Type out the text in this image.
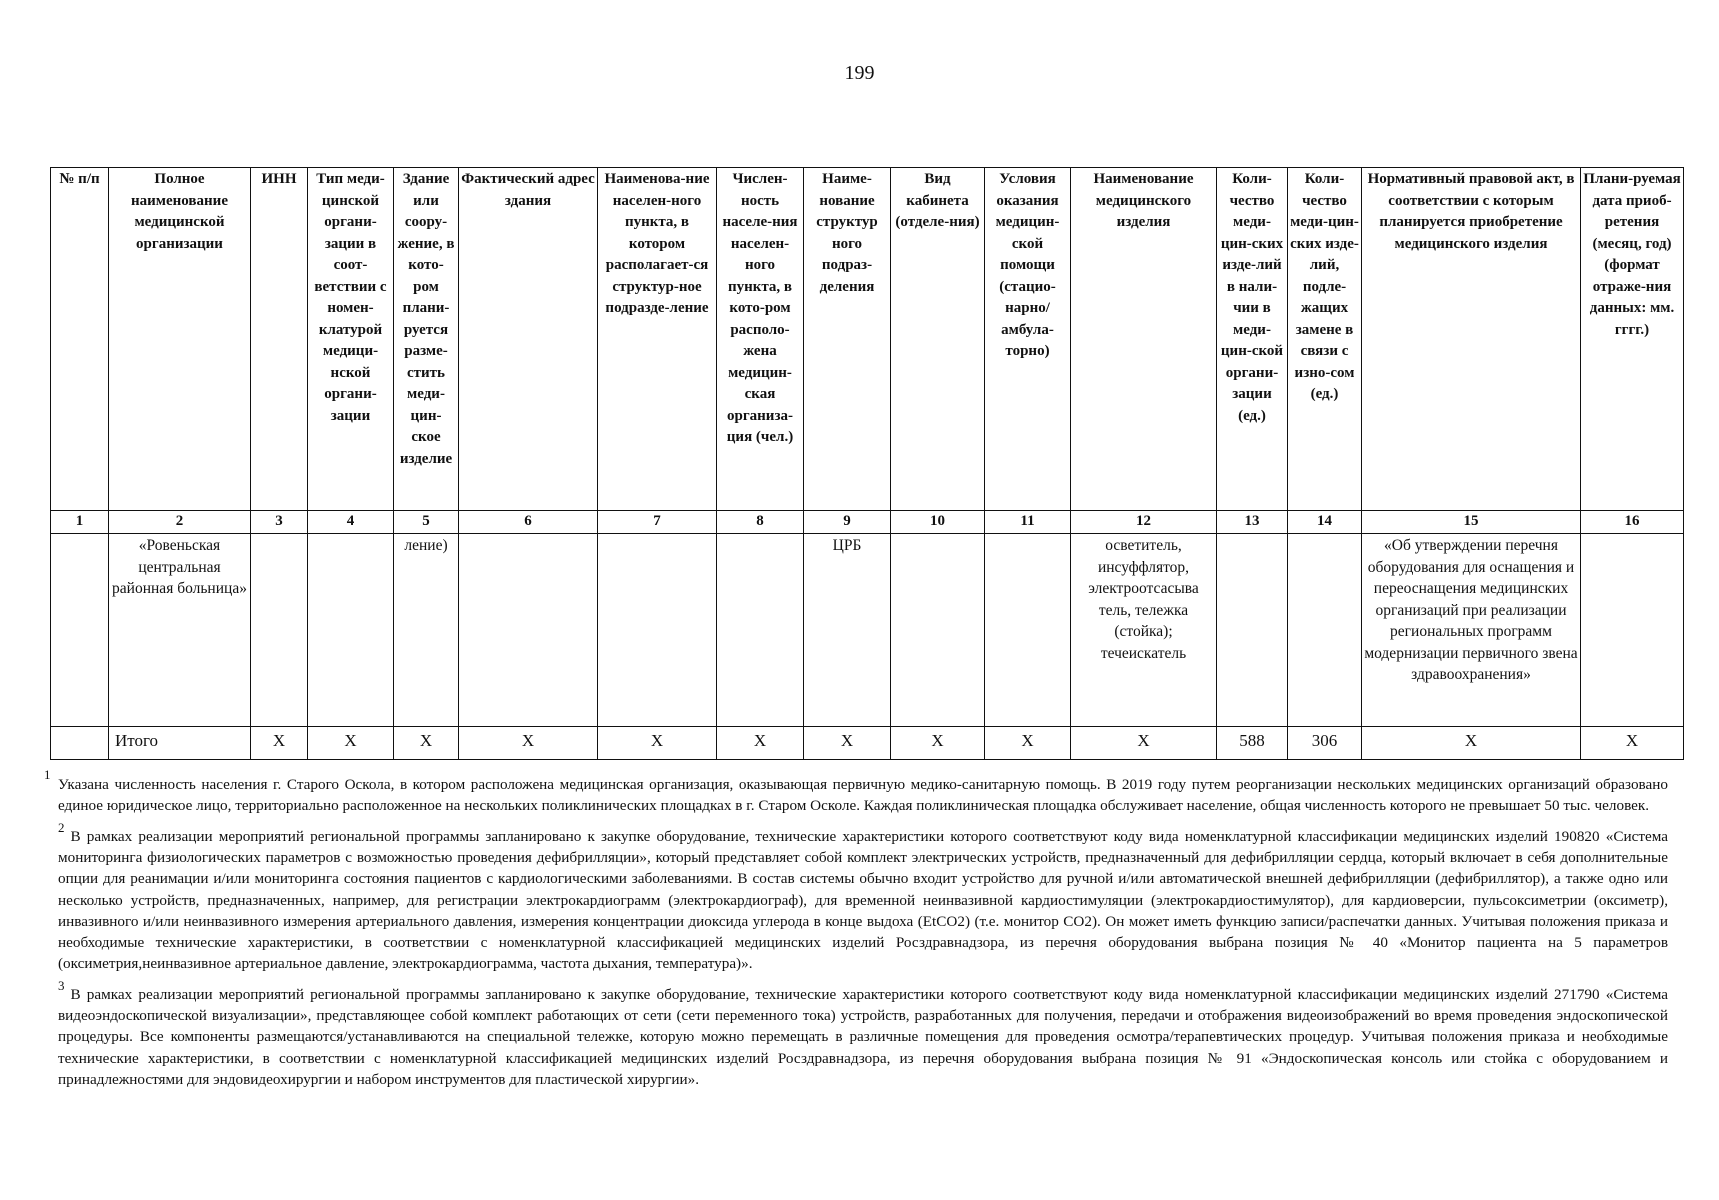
199
№ п/п	Полное наименование медицинской организации	ИНН	Тип меди-цинской органи-зации в соот-ветствии с номен-клатурой медици-нской органи-зации	Здание или соору-жение, в кото-ром плани-руется разме-стить меди-цин-ское изделие	Фактический адрес здания	Наименова-ние населен-ного пункта, в котором располагает-ся структур-ное подразде-ление	Числен-ность населе-ния населен-ного пункта, в кото-ром располо-жена медицин-ская организа-ция (чел.)	Наиме-нование структур ного подраз-деления	Вид кабинета (отделе-ния)	Условия оказания медицин-ской помощи (стацио-нарно/ амбула-торно)	Наименование медицинского изделия	Коли-чество меди-цин-ских изде-лий в нали-чии в меди-цин-ской органи-зации (ед.)	Коли-чество меди-цин-ских изде-лий, подле-жащих замене в связи с изно-сом (ед.)	Нормативный правовой акт, в соответствии с которым планируется приобретение медицинского изделия	Плани-руемая дата приоб-ретения (месяц, год) (формат отраже-ния данных: мм. гггг.)
1	2	3	4	5	6	7	8	9	10	11	12	13	14	15	16
	«Ровеньская центральная районная больница»			ление)				ЦРБ			осветитель, инсуффлятор, электроотсасыва тель, тележка (стойка); течеискатель			«Об утверждении перечня оборудования для оснащения и переоснащения медицинских организаций при реализации региональных программ модернизации первичного звена здравоохранения»	
	Итого	X	X	X	X	X	X	X	X	X	X	588	306	X	X

1
Указана численность населения г. Старого Оскола, в котором расположена медицинская организация, оказывающая первичную медико-санитарную помощь. В 2019 году путем реорганизации нескольких медицинских организаций образовано единое юридическое лицо, территориально расположенное на нескольких поликлинических площадках в г. Старом Осколе. Каждая поликлиническая площадка обслуживает население, общая численность которого не превышает 50 тыс. человек.

$^2$В рамках реализации мероприятий региональной программы запланировано к закупке оборудование, технические характеристики которого соответствуют коду вида номенклатурной классификации медицинских изделий 190820 «Система мониторинга физиологических параметров с возможностью проведения дефибрилляции», который представляет собой комплект электрических устройств, предназначенный для дефибрилляции сердца, который включает в себя дополнительные опции для реанимации и/или мониторинга состояния пациентов с кардиологическими заболеваниями. В состав системы обычно входит устройство для ручной и/или автоматической внешней дефибрилляции (дефибриллятор), а также одно или несколько устройств, предназначенных, например, для регистрации электрокардиограмм (электрокардиограф), для временной неинвазивной кардиостимуляции (электрокардиостимулятор), для кардиоверсии, пульсоксиметрии (оксиметр), инвазивного и/или неинвазивного измерения артериального давления, измерения концентрации диоксида углерода в конце выдоха (EtCO2) (т.е. монитор CO2). Он может иметь функцию записи/распечатки данных. Учитывая положения приказа и необходимые технические характеристики, в соответствии с номенклатурной классификацией медицинских изделий Росздравнадзора, из перечня оборудования выбрана позиция № 40 «Монитор пациента на 5 параметров (оксиметрия,неинвазивное артериальное давление, электрокардиограмма, частота дыхания, температура)».

$^3$В рамках реализации мероприятий региональной программы запланировано к закупке оборудование, технические характеристики которого соответствуют коду вида номенклатурной классификации медицинских изделий 271790 «Система видеоэндоскопической визуализации», представляющее собой комплект работающих от сети (сети переменного тока) устройств, разработанных для получения, передачи и отображения видеоизображений во время проведения эндоскопической процедуры. Все компоненты размещаются/устанавливаются на специальной тележке, которую можно перемещать в различные помещения для проведения осмотра/терапевтических процедур. Учитывая положения приказа и необходимые технические характеристики, в соответствии с номенклатурной классификацией медицинских изделий Росздравнадзора, из перечня оборудования выбрана позиция № 91 «Эндоскопическая консоль или стойка с оборудованием и принадлежностями для эндовидеохирургии и набором инструментов для пластической хирургии».
